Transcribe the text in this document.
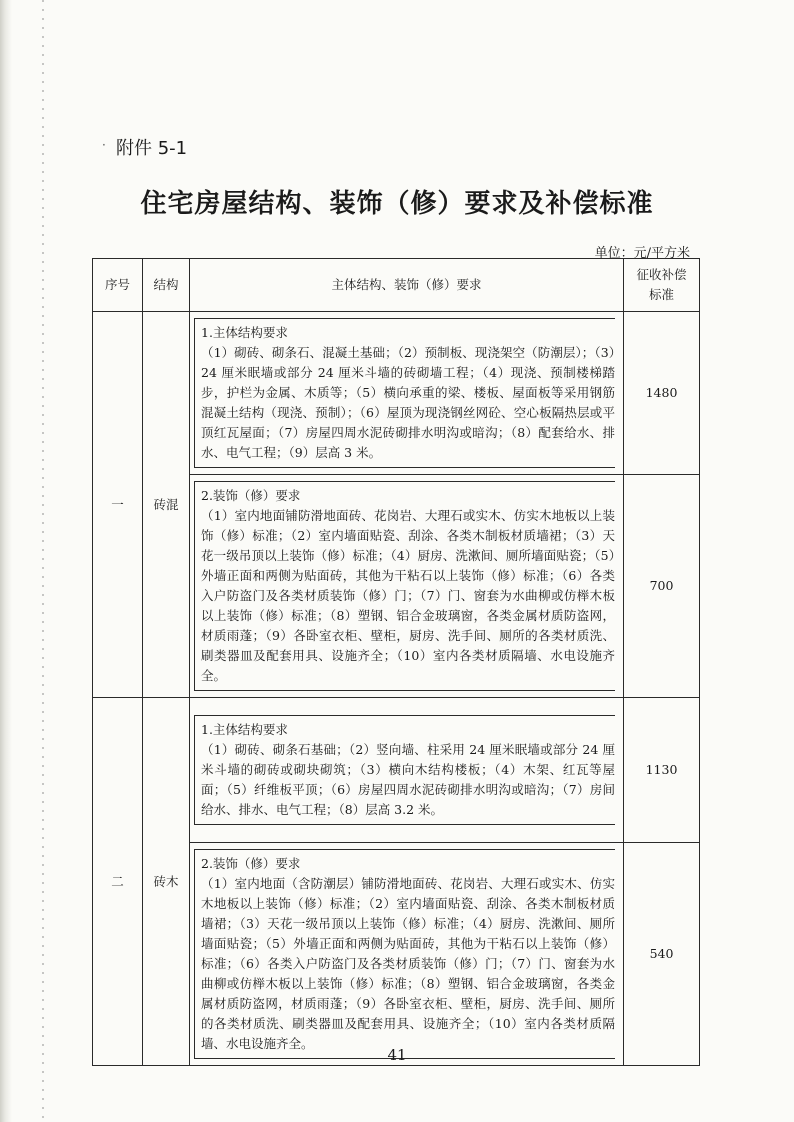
· 附件 5-1
住宅房屋结构、装饰（修）要求及补偿标准
单位：元/平方米
序号	结构	主体结构、装饰（修）要求	征收补偿
标准
一	砖混	1.主体结构要求
（1）砌砖、砌条石、混凝土基础；（2）预制板、现浇架空（防潮层）；（3）24 厘米眠墙或部分 24 厘米斗墙的砖砌墙工程；（4）现浇、预制楼梯踏步，护栏为金属、木质等；（5）横向承重的梁、楼板、屋面板等采用钢筋混凝土结构（现浇、预制）；（6）屋顶为现浇钢丝网砼、空心板隔热层或平顶红瓦屋面；（7）房屋四周水泥砖砌排水明沟或暗沟；（8）配套给水、排水、电气工程；（9）层高 3 米。	1480

		2.装饰（修）要求
（1）室内地面铺防滑地面砖、花岗岩、大理石或实木、仿实木地板以上装饰（修）标准；（2）室内墙面贴瓷、刮涂、各类木制板材质墙裙；（3）天花一级吊顶以上装饰（修）标准；（4）厨房、洗漱间、厕所墙面贴瓷；（5）外墙正面和两侧为贴面砖，其他为干粘石以上装饰（修）标准；（6）各类入户防盗门及各类材质装饰（修）门；（7）门、窗套为水曲柳或仿榉木板以上装饰（修）标准；（8）塑钢、铝合金玻璃窗，各类金属材质防盗网，材质雨蓬；（9）各卧室衣柜、壁柜，厨房、洗手间、厕所的各类材质洗、刷类器皿及配套用具、设施齐全；（10）室内各类材质隔墙、水电设施齐全。	700
二	砖木	1.主体结构要求
（1）砌砖、砌条石基础；（2）竖向墙、柱采用 24 厘米眠墙或部分 24 厘米斗墙的砌砖或砌块砌筑；（3）横向木结构楼板；（4）木架、红瓦等屋面；（5）纤维板平顶；（6）房屋四周水泥砖砌排水明沟或暗沟；（7）房间给水、排水、电气工程；（8）层高 3.2 米。	1130

		2.装饰（修）要求
（1）室内地面（含防潮层）铺防滑地面砖、花岗岩、大理石或实木、仿实木地板以上装饰（修）标准；（2）室内墙面贴瓷、刮涂、各类木制板材质墙裙；（3）天花一级吊顶以上装饰（修）标准；（4）厨房、洗漱间、厕所墙面贴瓷；（5）外墙正面和两侧为贴面砖，其他为干粘石以上装饰（修）标准；（6）各类入户防盗门及各类材质装饰（修）门；（7）门、窗套为水曲柳或仿榉木板以上装饰（修）标准；（8）塑钢、铝合金玻璃窗，各类金属材质防盗网，材质雨蓬；（9）各卧室衣柜、壁柜，厨房、洗手间、厕所的各类材质洗、刷类器皿及配套用具、设施齐全；（10）室内各类材质隔墙、水电设施齐全。	540
41
